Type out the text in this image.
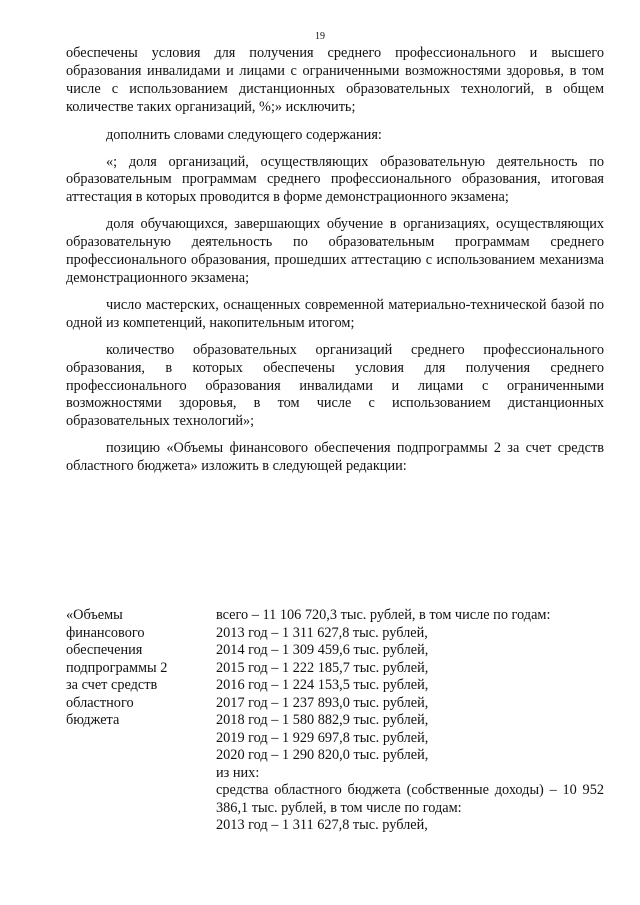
19

обеспечены условия для получения среднего профессионального и высшего образования инвалидами и лицами с ограниченными возможностями здоровья, в том числе с использованием дистанционных образовательных технологий, в общем количестве таких организаций, %;» исключить;

дополнить словами следующего содержания:

«; доля организаций, осуществляющих образовательную деятельность по образовательным программам среднего профессионального образования, итоговая аттестация в которых проводится в форме демонстрационного экзамена;

доля обучающихся, завершающих обучение в организациях, осуществляющих образовательную деятельность по образовательным программам среднего профессионального образования, прошедших аттестацию с использованием механизма демонстрационного экзамена;

число мастерских, оснащенных современной материально-технической базой по одной из компетенций, накопительным итогом;

количество образовательных организаций среднего профессионального образования, в которых обеспечены условия для получения среднего профессионального образования инвалидами и лицами с ограниченными возможностями здоровья, в том числе с использованием дистанционных образовательных технологий»;

позицию «Объемы финансового обеспечения подпрограммы 2 за счет средств областного бюджета» изложить в следующей редакции:

«Объемы
финансового
обеспечения
подпрограммы 2
за счет средств
областного
бюджета
всего – 11 106 720,3 тыс. рублей, в том числе по годам:
2013 год – 1 311 627,8 тыс. рублей,
2014 год – 1 309 459,6 тыс. рублей,
2015 год – 1 222 185,7 тыс. рублей,
2016 год – 1 224 153,5 тыс. рублей,
2017 год – 1 237 893,0 тыс. рублей,
2018 год – 1 580 882,9 тыс. рублей,
2019 год – 1 929 697,8 тыс. рублей,
2020 год – 1 290 820,0 тыс. рублей,
из них:
средства областного бюджета (собственные доходы) – 10 952 386,1 тыс. рублей, в том числе по годам:
2013 год – 1 311 627,8 тыс. рублей,
